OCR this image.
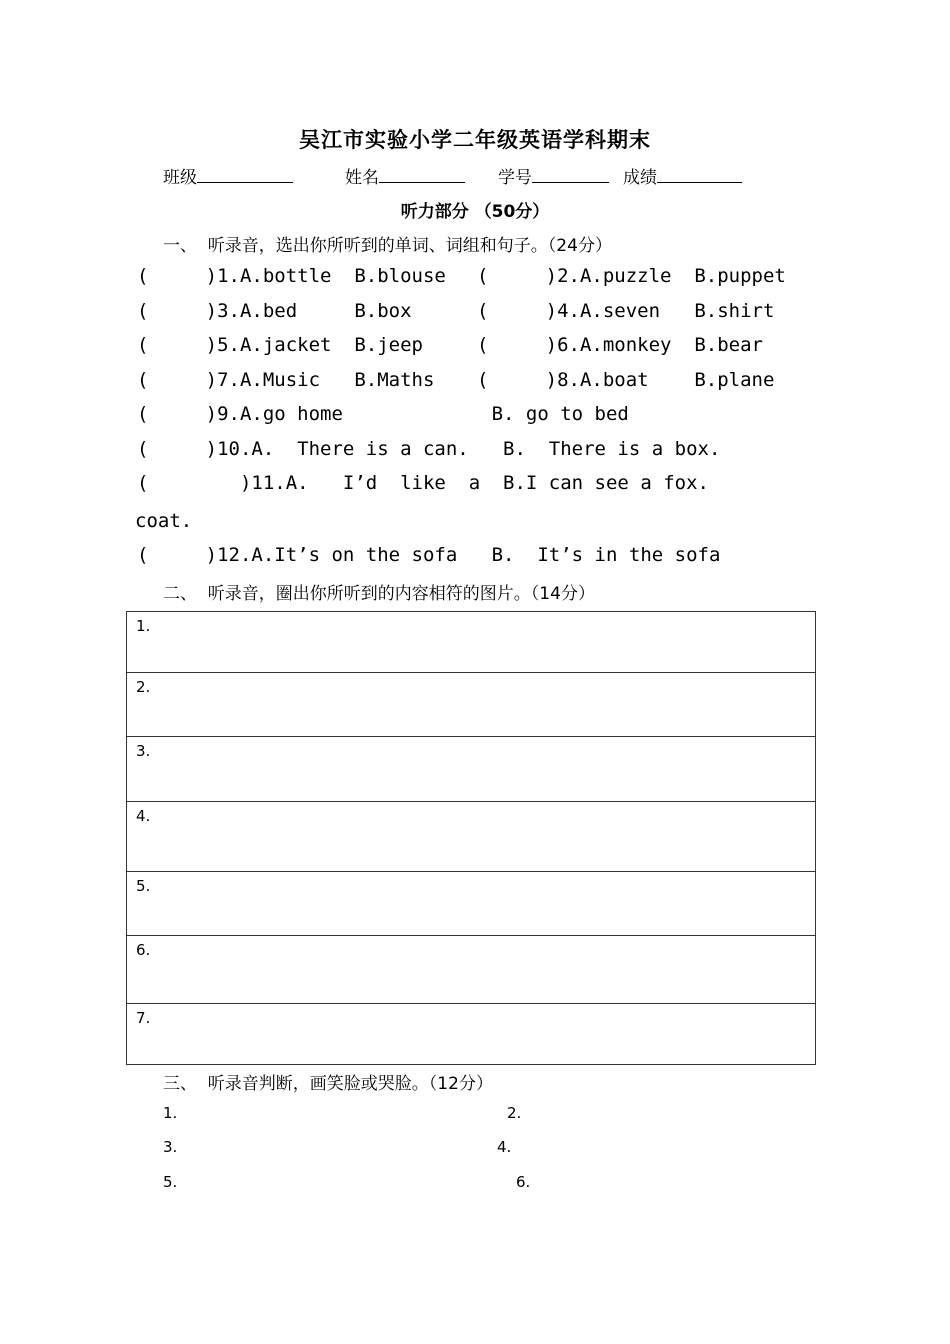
吴江市实验小学二年级英语学科期末
班级	姓名	学号	成绩
听力部分 （50分）
一、  听录音，选出你所听到的单词、词组和句子。（24分）
(     )1.A.bottle  B.blouse (     )2.A.puzzle  B.puppet
(     )3.A.bed     B.box	(     )4.A.seven   B.shirt
(     )5.A.jacket  B.jeep	(     )6.A.monkey  B.bear
(     )7.A.Music   B.Maths (     )8.A.boat    B.plane
(     )9.A.go home             B. go to bed
(     )10.A.  There is a can.   B.  There is a box.
(        )11.A.   I’d  like  a  B.I can see a fox.
coat.
(     )12.A.It’s on the sofa   B.  It’s in the sofa
二、  听录音，圈出你所听到的内容相符的图片。（14分）
1.

2.

3.

4.

5.

6.

7.
三、  听录音判断，画笑脸或哭脸。（12分）
1.	2.
3.	4.
5.	6.
